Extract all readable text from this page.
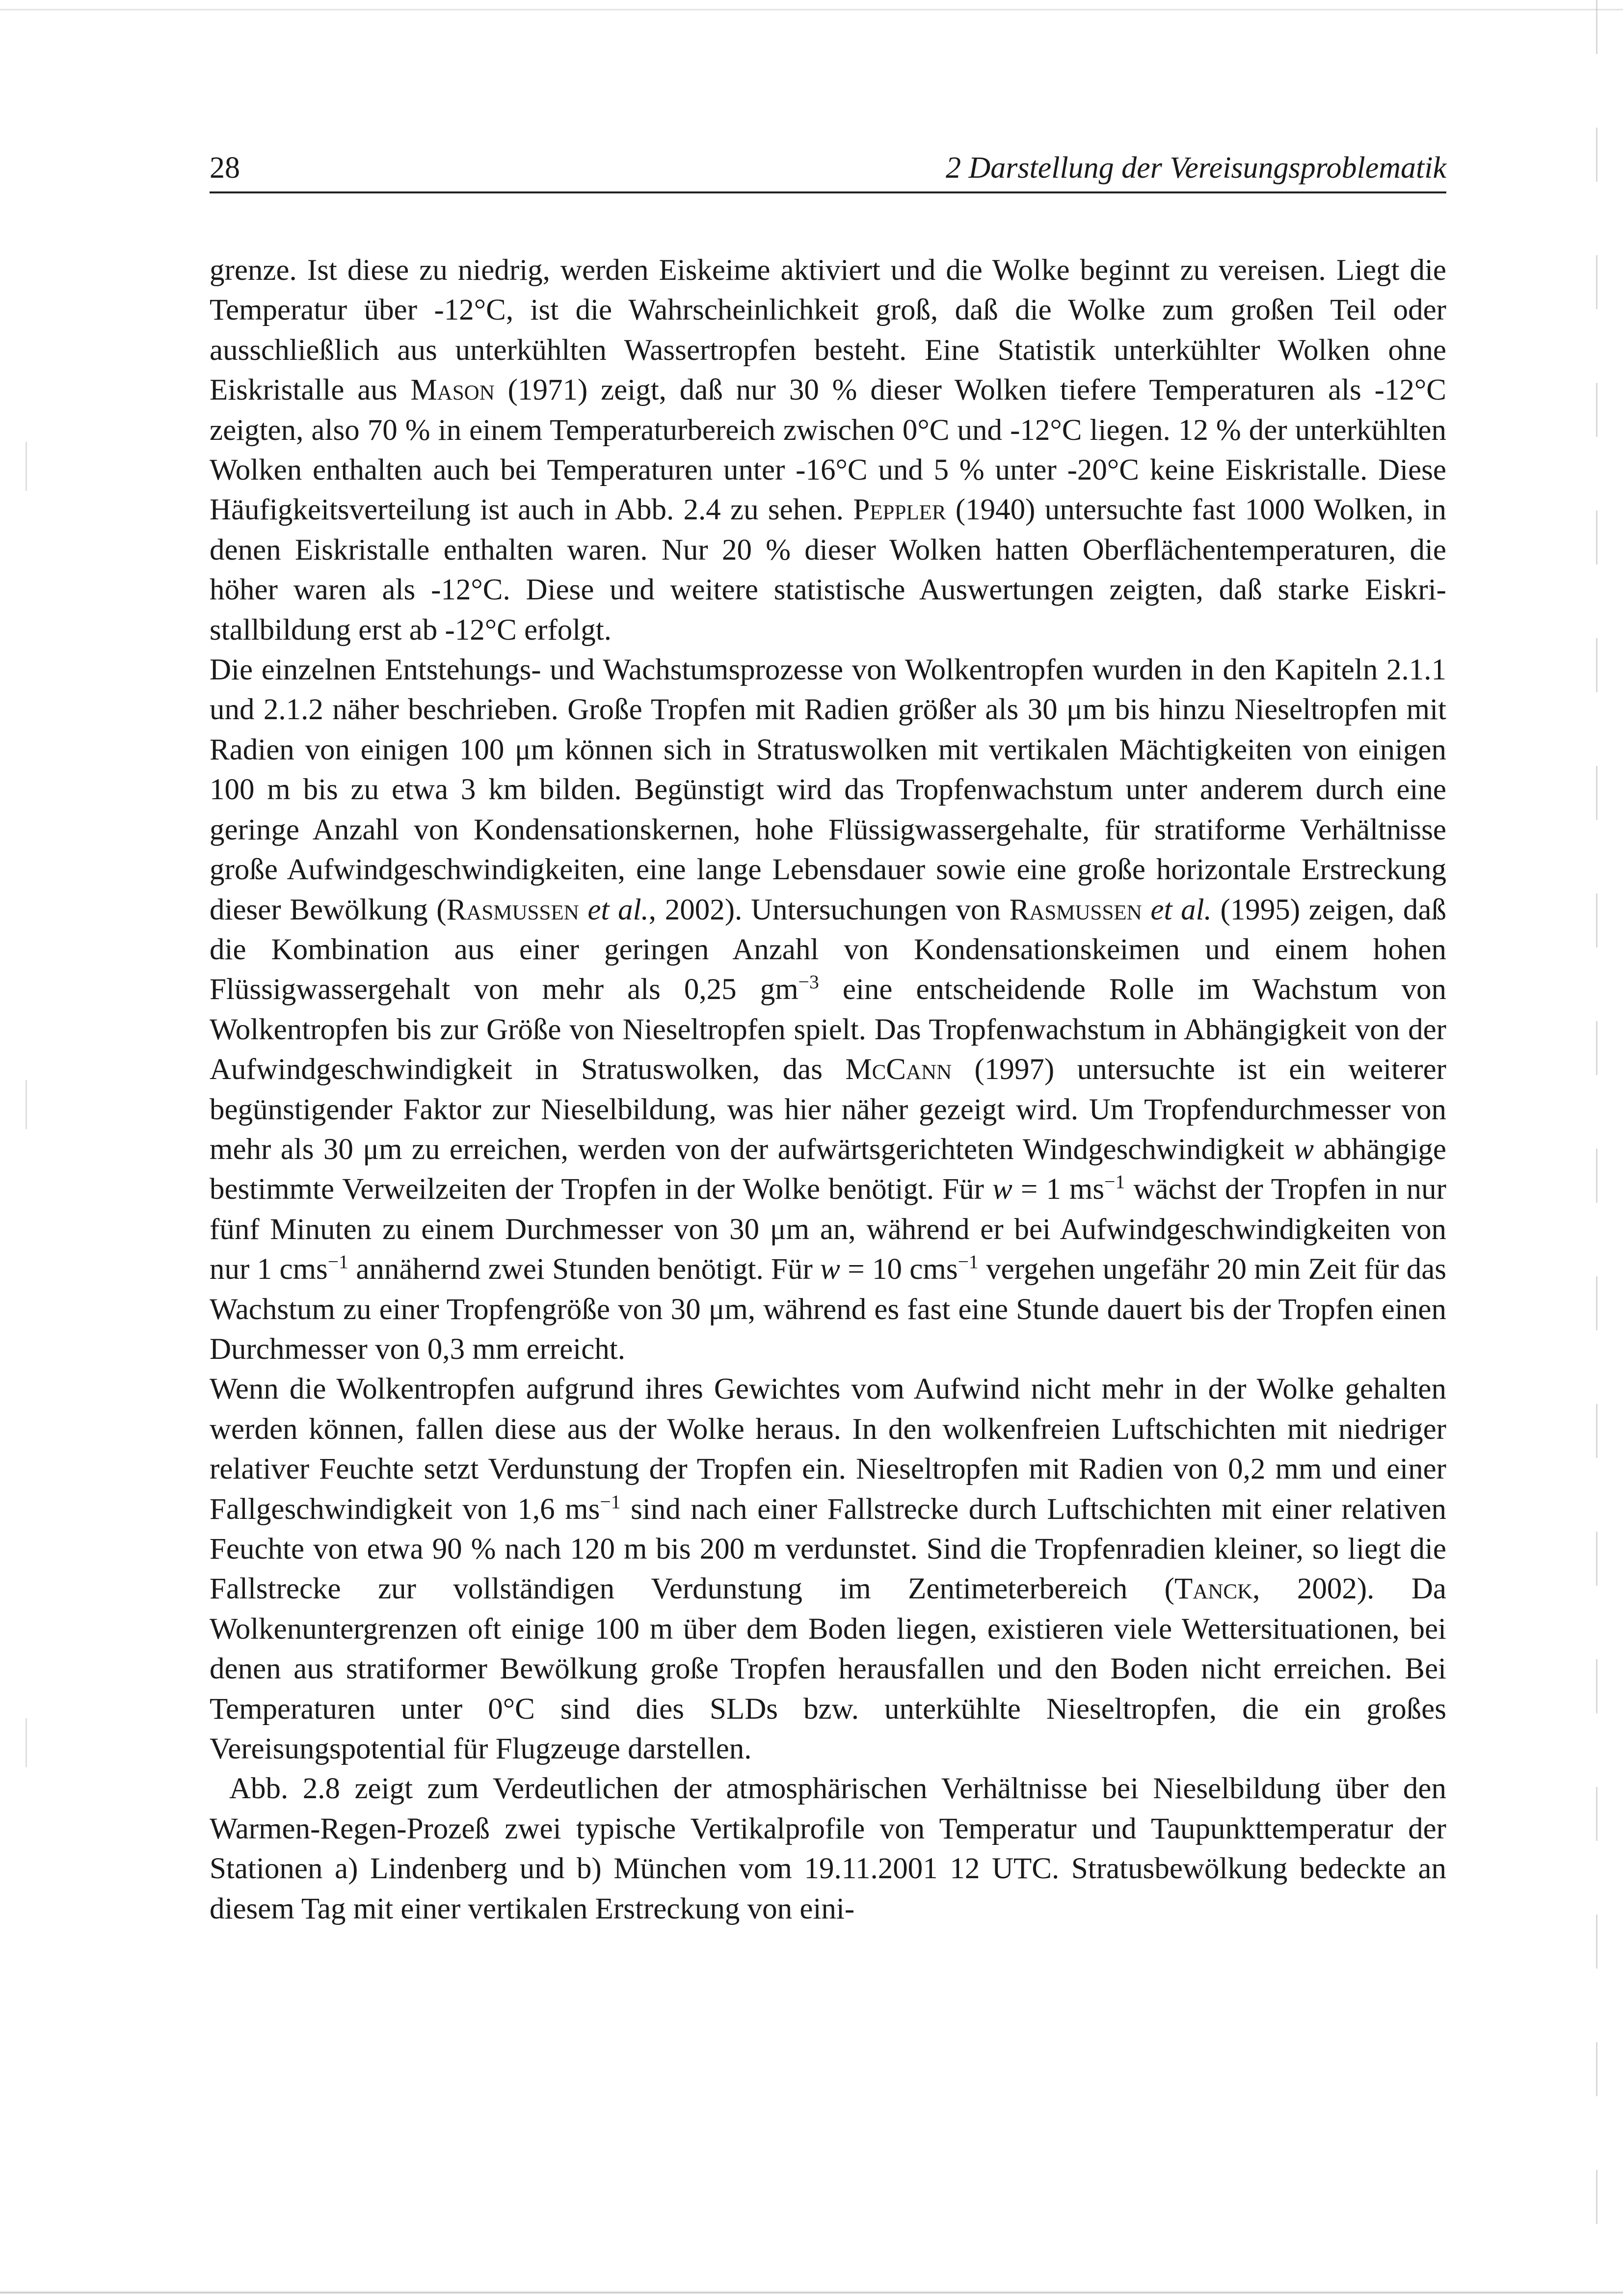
28	2 Darstellung der Vereisungsproblematik

grenze. Ist diese zu niedrig, werden Eiskeime aktiviert und die Wolke beginnt zu vereisen. Liegt die Temperatur über -12°C, ist die Wahrscheinlichkeit groß, daß die Wolke zum großen Teil oder ausschließlich aus unterkühlten Wassertropfen besteht. Eine Statistik unterkühlter Wolken ohne Eiskristalle aus Mason (1971) zeigt, daß nur 30 % dieser Wolken tiefere Temperaturen als -12°C zeigten, also 70 % in einem Temperaturbereich zwischen 0°C und -12°C liegen. 12 % der unterkühlten Wolken enthalten auch bei Temperaturen unter -16°C und 5 % unter -20°C keine Eiskristalle. Diese Häufigkeitsverteilung ist auch in Abb. 2.4 zu sehen. Peppler (1940) untersuchte fast 1000 Wolken, in denen Eiskristalle enthalten waren. Nur 20 % dieser Wolken hatten Oberflächentemperaturen, die höher waren als -12°C. Diese und weitere statistische Auswertungen zeigten, daß starke Eiskristallbildung erst ab -12°C erfolgt.

Die einzelnen Entstehungs- und Wachstumsprozesse von Wolkentropfen wurden in den Kapiteln 2.1.1 und 2.1.2 näher beschrieben. Große Tropfen mit Radien größer als 30 μm bis hinzu Nieseltropfen mit Radien von einigen 100 μm können sich in Stratuswolken mit vertikalen Mächtigkeiten von einigen 100 m bis zu etwa 3 km bilden. Begünstigt wird das Tropfenwachstum unter anderem durch eine geringe Anzahl von Kondensationskernen, hohe Flüssigwassergehalte, für stratiforme Verhältnisse große Aufwindgeschwindigkeiten, eine lange Lebensdauer sowie eine große horizontale Erstreckung dieser Bewölkung (Rasmussen et al., 2002). Untersuchungen von Rasmussen et al. (1995) zeigen, daß die Kombination aus einer geringen Anzahl von Kondensationskeimen und einem hohen Flüssigwassergehalt von mehr als 0,25 $gm^{-3}$ eine entscheidende Rolle im Wachstum von Wolkentropfen bis zur Größe von Nieseltropfen spielt. Das Tropfenwachstum in Abhängigkeit von der Aufwindgeschwindigkeit in Stratuswolken, das McCann (1997) untersuchte ist ein weiterer begünstigender Faktor zur Nieselbildung, was hier näher gezeigt wird. Um Tropfendurchmesser von mehr als 30 μm zu erreichen, werden von der aufwärtsgerichteten Windgeschwindigkeit w abhängige bestimmte Verweilzeiten der Tropfen in der Wolke benötigt. Für w = 1 $ms^{-1}$ wächst der Tropfen in nur fünf Minuten zu einem Durchmesser von 30 μm an, während er bei Aufwindgeschwindigkeiten von nur 1 cms$^{-1}$ annähernd zwei Stunden benötigt. Für w = 10 cms$^{-1}$ vergehen ungefähr 20 min Zeit für das Wachstum zu einer Tropfengröße von 30 μm, während es fast eine Stunde dauert bis der Tropfen einen Durchmesser von 0,3 mm erreicht.

Wenn die Wolkentropfen aufgrund ihres Gewichtes vom Aufwind nicht mehr in der Wolke gehalten werden können, fallen diese aus der Wolke heraus. In den wolkenfreien Luftschichten mit niedriger relativer Feuchte setzt Verdunstung der Tropfen ein. Nieseltropfen mit Radien von 0,2 mm und einer Fallgeschwindigkeit von 1,6 $ms^{-1}$ sind nach einer Fallstrecke durch Luftschichten mit einer relativen Feuchte von etwa 90 % nach 120 m bis 200 m verdunstet. Sind die Tropfenradien kleiner, so liegt die Fallstrecke zur vollständigen Verdunstung im Zentimeterbereich (Tanck, 2002). Da Wolkenuntergrenzen oft einige 100 m über dem Boden liegen, existieren viele Wettersituationen, bei denen aus stratiformer Bewölkung große Tropfen herausfallen und den Boden nicht erreichen. Bei Temperaturen unter 0°C sind dies SLDs bzw. unterkühlte Nieseltropfen, die ein großes Vereisungspotential für Flugzeuge darstellen.

Abb. 2.8 zeigt zum Verdeutlichen der atmosphärischen Verhältnisse bei Nieselbildung über den Warmen-Regen-Prozeß zwei typische Vertikalprofile von Temperatur und Taupunkttemperatur der Stationen a) Lindenberg und b) München vom 19.11.2001 12 UTC. Stratusbewölkung bedeckte an diesem Tag mit einer vertikalen Erstreckung von eini-
